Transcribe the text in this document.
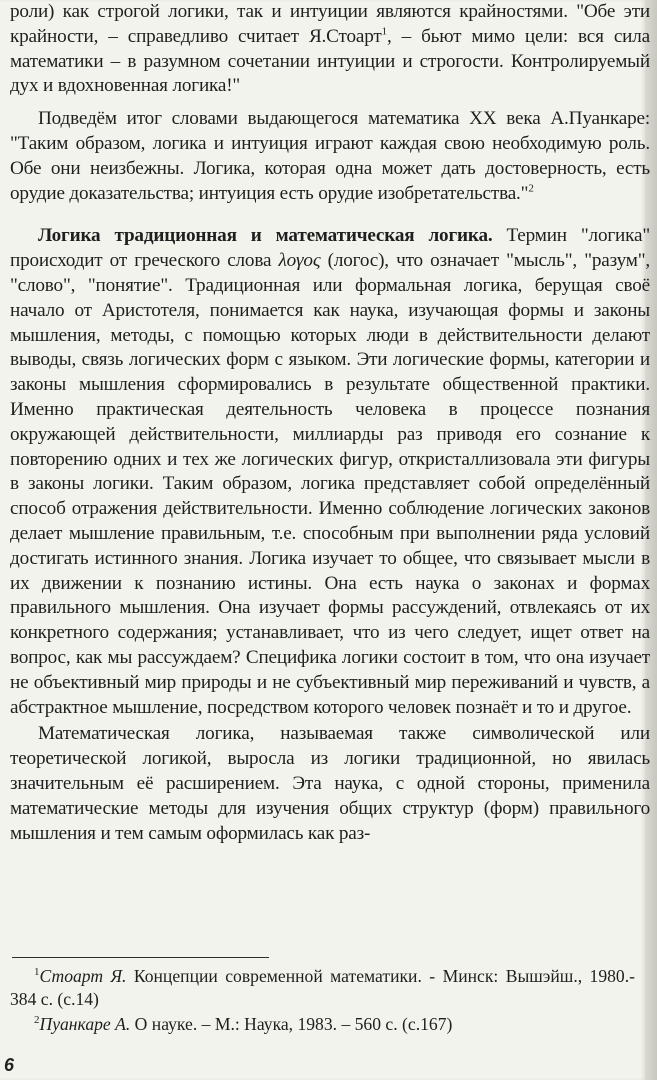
роли) как строгой логики, так и интуиции являются крайностями. "Обе эти крайности, – справедливо считает Я.Стоарт$^1$, – бьют мимо цели: вся сила математики – в разумном сочетании интуиции и строгости. Контролируемый дух и вдохновенная логика!"

Подведём итог словами выдающегося математика XX века А.Пуанкаре: "Таким образом, логика и интуиция играют каждая свою необходимую роль. Обе они неизбежны. Логика, которая одна может дать достоверность, есть орудие доказательства; интуиция есть орудие изобретательства."$^2$

Логика традиционная и математическая логика. Термин "логика" происходит от греческого слова λογος (логос), что означает "мысль", "разум", "слово", "понятие". Традиционная или формальная логика, берущая своё начало от Аристотеля, понимается как наука, изучающая формы и законы мышления, методы, с помощью которых люди в действительности делают выводы, связь логических форм с языком. Эти логические формы, категории и законы мышления сформировались в результате общественной практики. Именно практическая деятельность человека в процессе познания окружающей действительности, миллиарды раз приводя его сознание к повторению одних и тех же логических фигур, откристаллизовала эти фигуры в законы логики. Таким образом, логика представляет собой определённый способ отражения действительности. Именно соблюдение логических законов делает мышление правильным, т.е. способным при выполнении ряда условий достигать истинного знания. Логика изучает то общее, что связывает мысли в их движении к познанию истины. Она есть наука о законах и формах правильного мышления. Она изучает формы рассуждений, отвлекаясь от их конкретного содержания; устанавливает, что из чего следует, ищет ответ на вопрос, как мы рассуждаем? Специфика логики состоит в том, что она изучает не объективный мир природы и не субъективный мир переживаний и чувств, а абстрактное мышление, посредством которого человек познаёт и то и другое.

Математическая логика, называемая также символической или теоретической логикой, выросла из логики традиционной, но явилась значительным её расширением. Эта наука, с одной стороны, применила математические методы для изучения общих структур (форм) правильного мышления и тем самым оформилась как раз-

$^1$Стоарт Я. Концепции современной математики. - Минск: Вышэйш., 1980.- 384 с. (с.14)

$^2$Пуанкаре А. О науке. – М.: Наука, 1983. – 560 с. (с.167)

6
